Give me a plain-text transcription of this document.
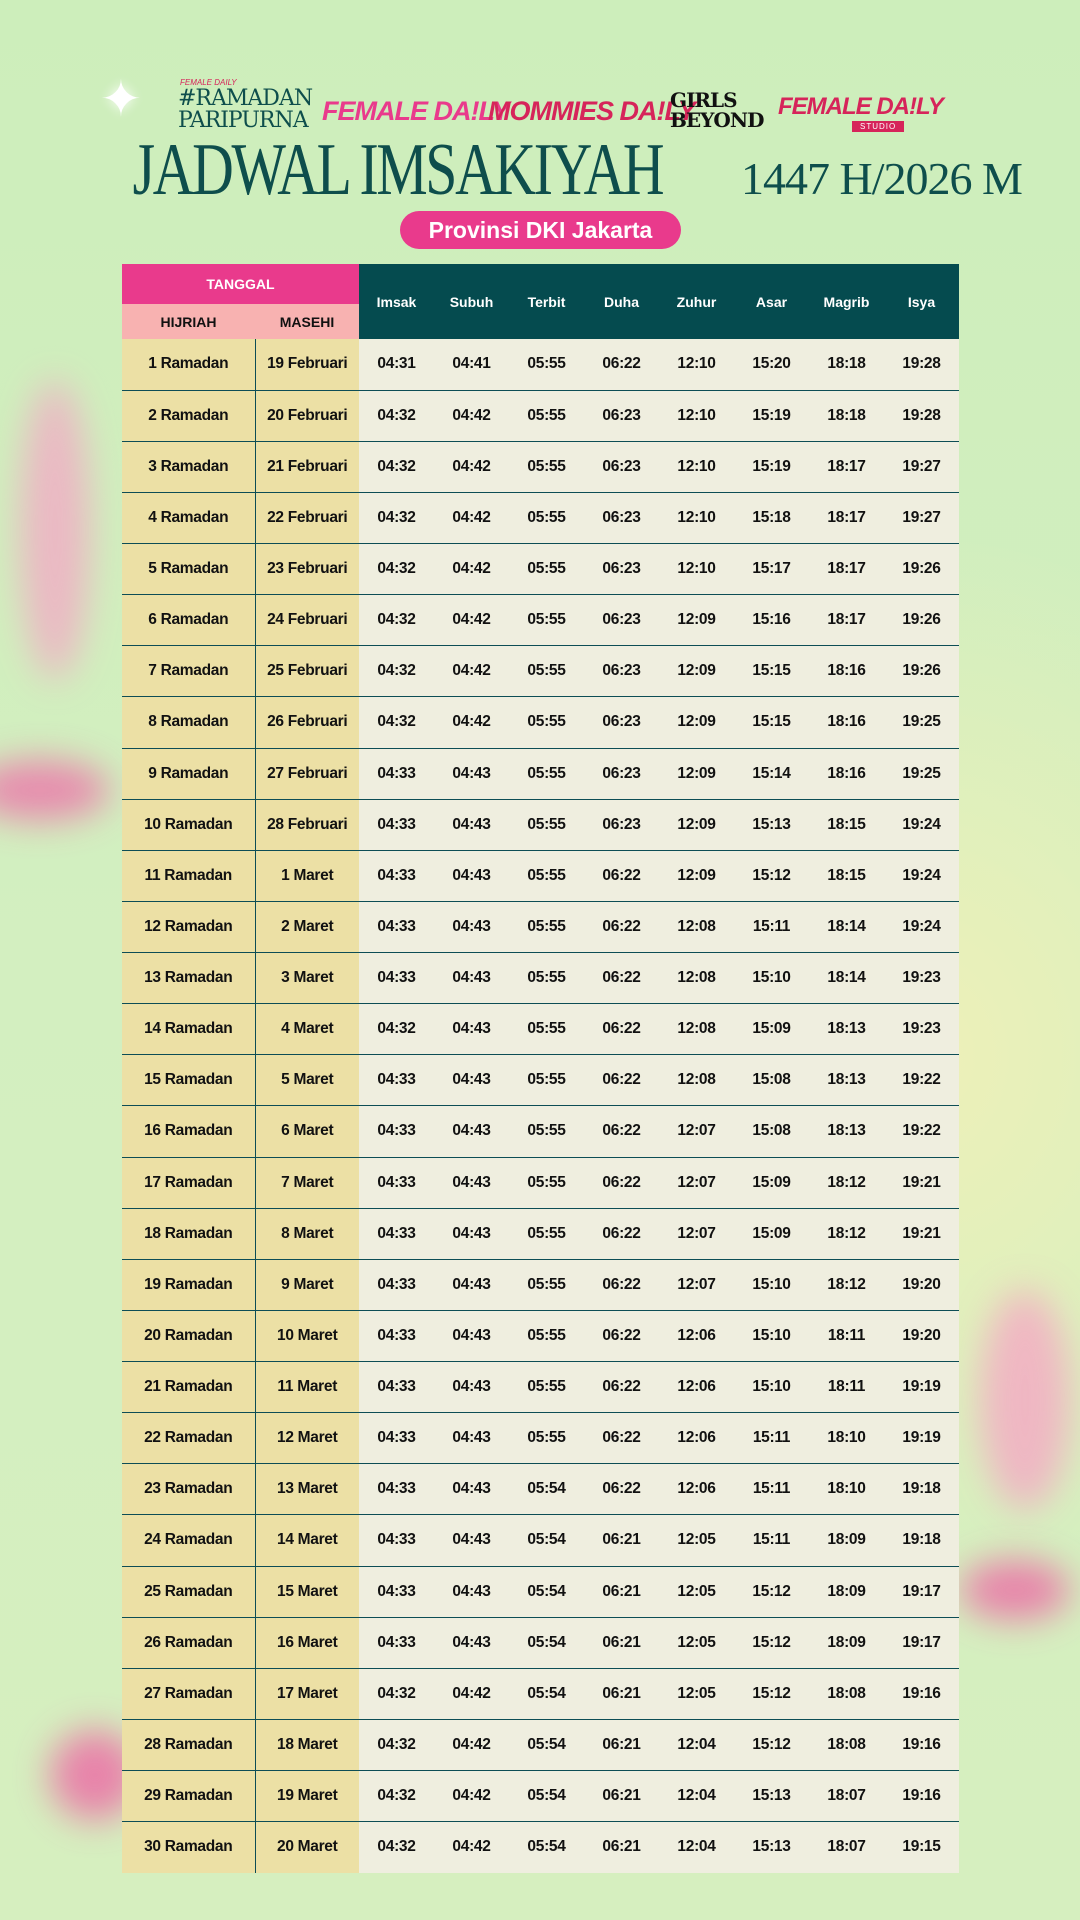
✦	FEMALE DAILY
#RAMADAN PARIPURNA FEMALE DA!LY
MOMMIES DA!LY
GIRLS BEYOND FEMALE DA!LY
STUDIO
JADWAL IMSAKIYAH 1447 H/2026 M
Provinsi DKI Jakarta
TANGGAL		Imsak	Subuh	Terbit	Duha	Zuhur	Asar	Magrib	Isya
HIJRIAH	MASEHI								
1 Ramadan	19 Februari	04:31	04:41	05:55	06:22	12:10	15:20	18:18	19:28
2 Ramadan	20 Februari	04:32	04:42	05:55	06:23	12:10	15:19	18:18	19:28
3 Ramadan	21 Februari	04:32	04:42	05:55	06:23	12:10	15:19	18:17	19:27
4 Ramadan	22 Februari	04:32	04:42	05:55	06:23	12:10	15:18	18:17	19:27
5 Ramadan	23 Februari	04:32	04:42	05:55	06:23	12:10	15:17	18:17	19:26
6 Ramadan	24 Februari	04:32	04:42	05:55	06:23	12:09	15:16	18:17	19:26
7 Ramadan	25 Februari	04:32	04:42	05:55	06:23	12:09	15:15	18:16	19:26
8 Ramadan	26 Februari	04:32	04:42	05:55	06:23	12:09	15:15	18:16	19:25
9 Ramadan	27 Februari	04:33	04:43	05:55	06:23	12:09	15:14	18:16	19:25
10 Ramadan	28 Februari	04:33	04:43	05:55	06:23	12:09	15:13	18:15	19:24
11 Ramadan	1 Maret	04:33	04:43	05:55	06:22	12:09	15:12	18:15	19:24
12 Ramadan	2 Maret	04:33	04:43	05:55	06:22	12:08	15:11	18:14	19:24
13 Ramadan	3 Maret	04:33	04:43	05:55	06:22	12:08	15:10	18:14	19:23
14 Ramadan	4 Maret	04:32	04:43	05:55	06:22	12:08	15:09	18:13	19:23
15 Ramadan	5 Maret	04:33	04:43	05:55	06:22	12:08	15:08	18:13	19:22
16 Ramadan	6 Maret	04:33	04:43	05:55	06:22	12:07	15:08	18:13	19:22
17 Ramadan	7 Maret	04:33	04:43	05:55	06:22	12:07	15:09	18:12	19:21
18 Ramadan	8 Maret	04:33	04:43	05:55	06:22	12:07	15:09	18:12	19:21
19 Ramadan	9 Maret	04:33	04:43	05:55	06:22	12:07	15:10	18:12	19:20
20 Ramadan	10 Maret	04:33	04:43	05:55	06:22	12:06	15:10	18:11	19:20
21 Ramadan	11 Maret	04:33	04:43	05:55	06:22	12:06	15:10	18:11	19:19
22 Ramadan	12 Maret	04:33	04:43	05:55	06:22	12:06	15:11	18:10	19:19
23 Ramadan	13 Maret	04:33	04:43	05:54	06:22	12:06	15:11	18:10	19:18
24 Ramadan	14 Maret	04:33	04:43	05:54	06:21	12:05	15:11	18:09	19:18
25 Ramadan	15 Maret	04:33	04:43	05:54	06:21	12:05	15:12	18:09	19:17
26 Ramadan	16 Maret	04:33	04:43	05:54	06:21	12:05	15:12	18:09	19:17
27 Ramadan	17 Maret	04:32	04:42	05:54	06:21	12:05	15:12	18:08	19:16
28 Ramadan	18 Maret	04:32	04:42	05:54	06:21	12:04	15:12	18:08	19:16
29 Ramadan	19 Maret	04:32	04:42	05:54	06:21	12:04	15:13	18:07	19:16
30 Ramadan	20 Maret	04:32	04:42	05:54	06:21	12:04	15:13	18:07	19:15
